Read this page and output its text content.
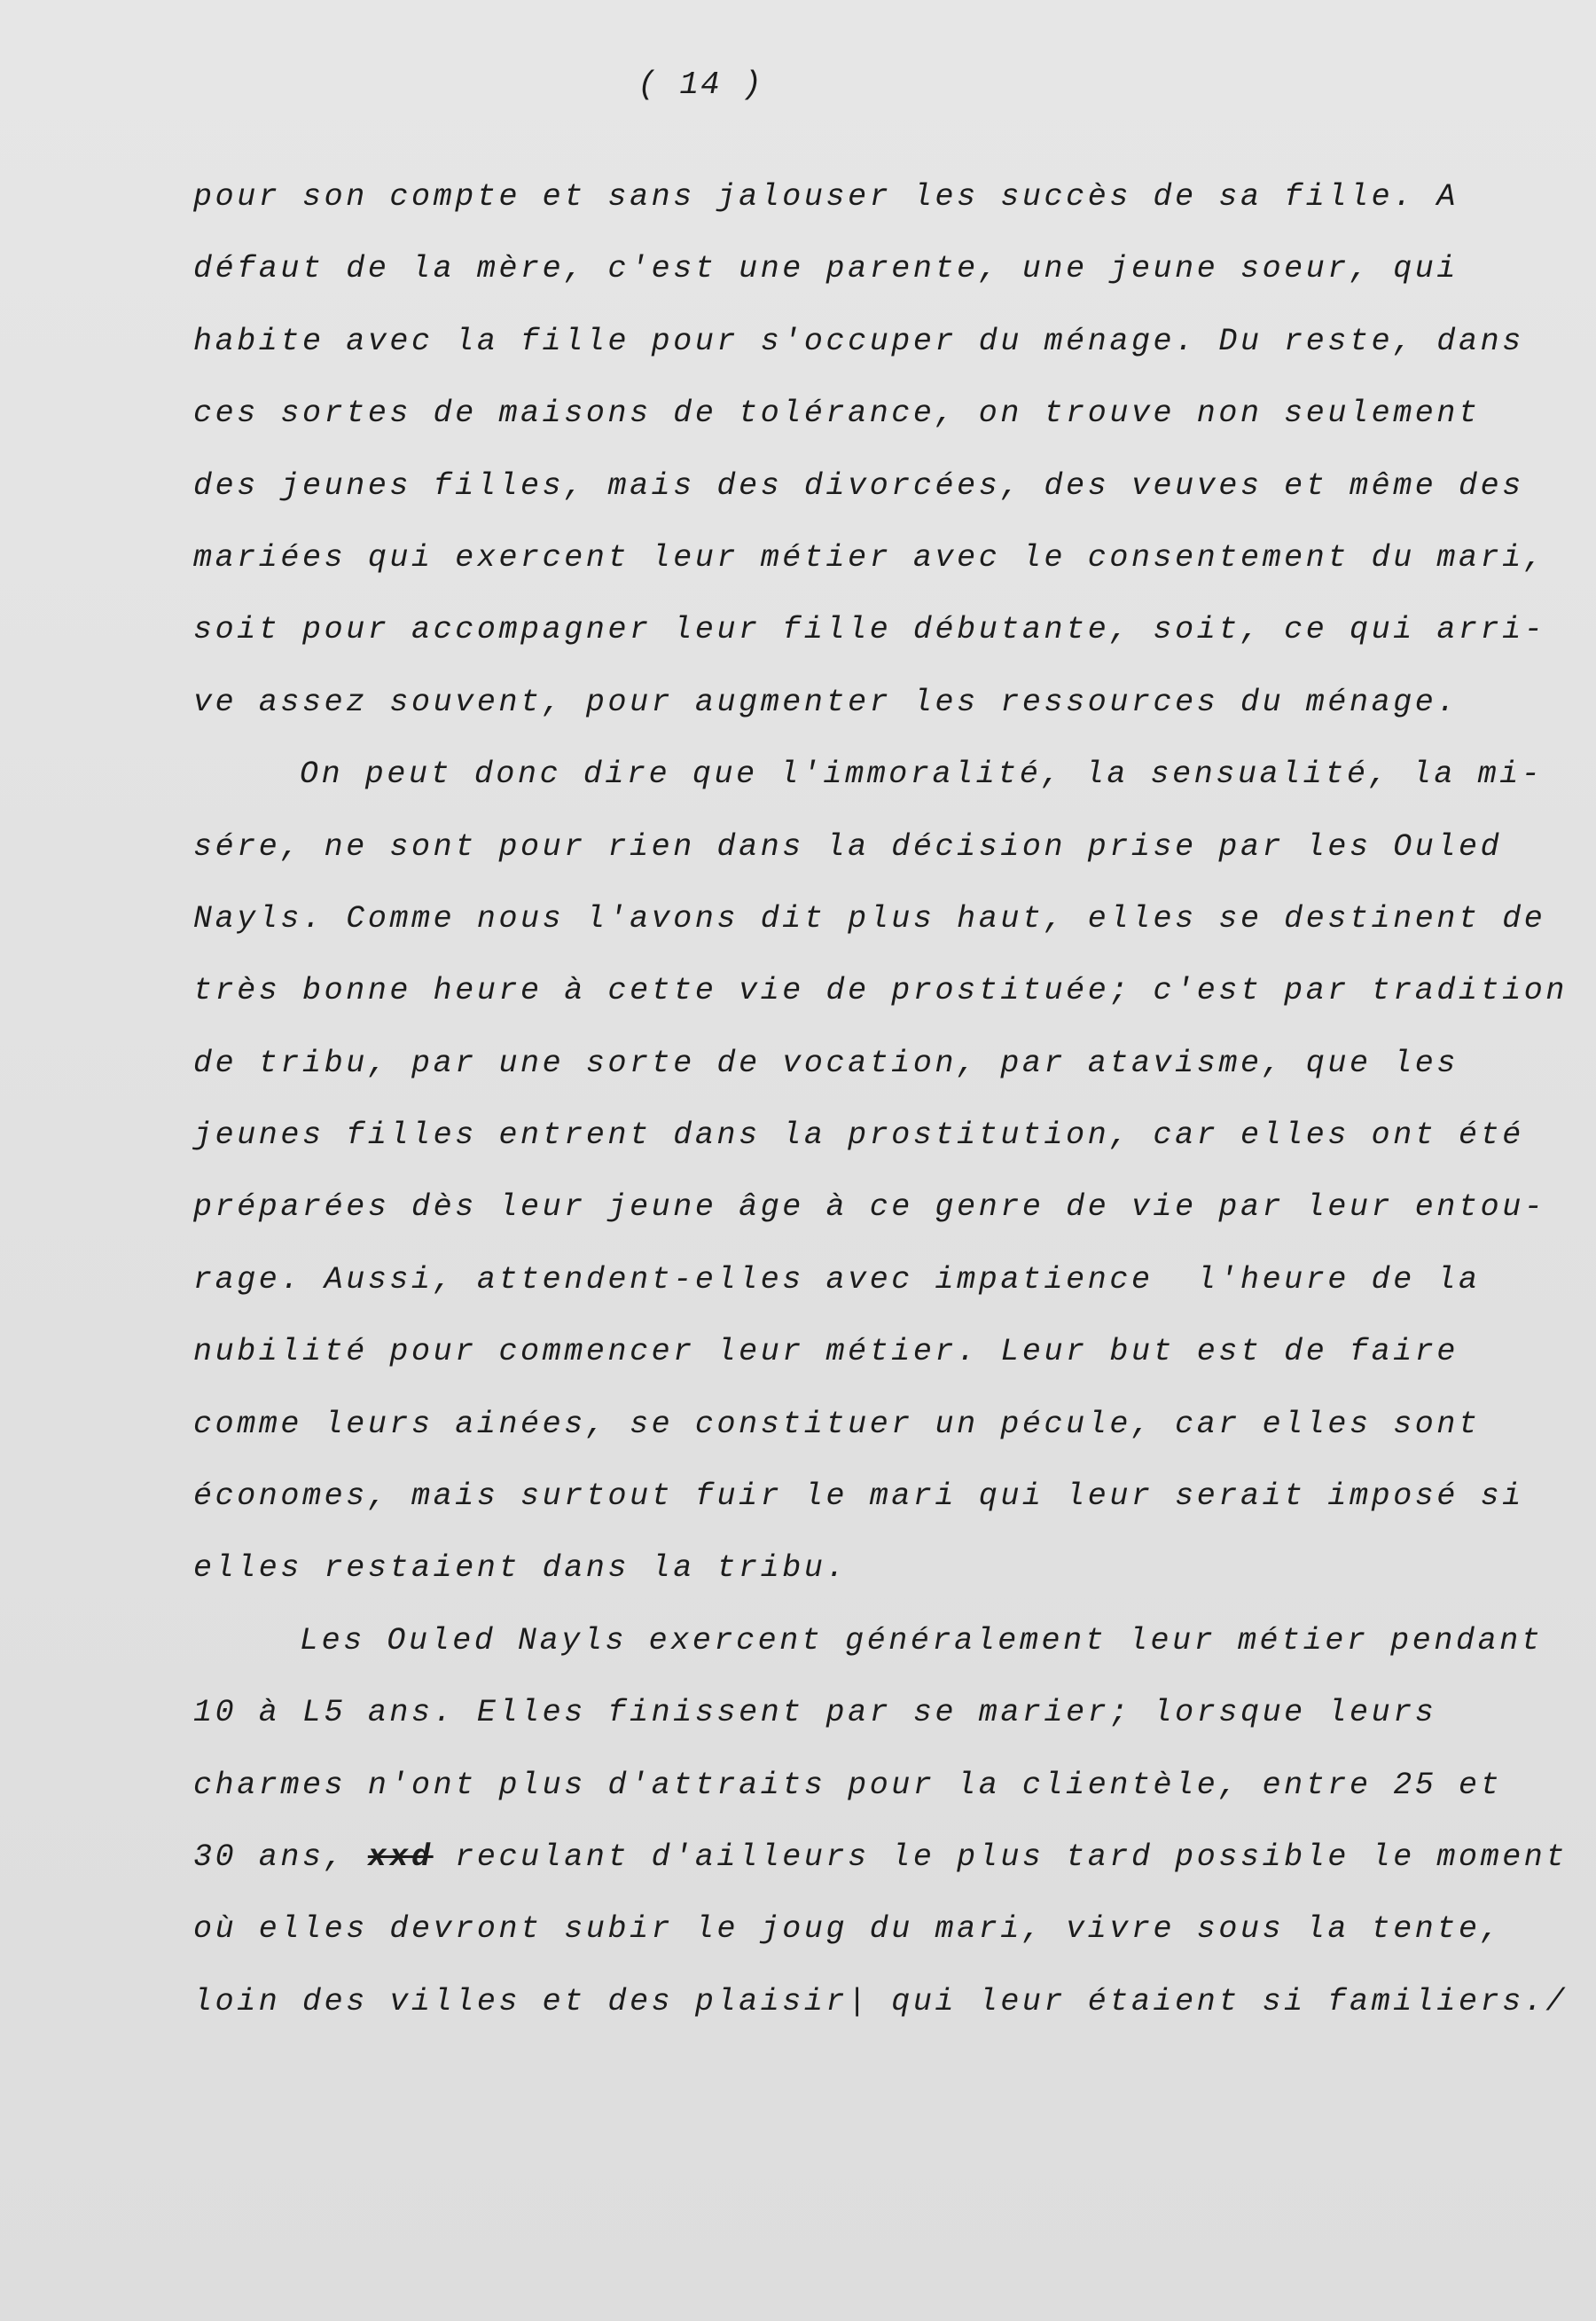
( 14 )
pour son compte et sans jalouser les succès de sa fille. A
défaut de la mère, c'est une parente, une jeune soeur, qui
habite avec la fille pour s'occuper du ménage. Du reste, dans
ces sortes de maisons de tolérance, on trouve non seulement
des jeunes filles, mais des divorcées, des veuves et même des
mariées qui exercent leur métier avec le consentement du mari,
soit pour accompagner leur fille débutante, soit, ce qui arri-
ve assez souvent, pour augmenter les ressources du ménage.
On peut donc dire que l'immoralité, la sensualité, la mi-
sére, ne sont pour rien dans la décision prise par les Ouled
Nayls. Comme nous l'avons dit plus haut, elles se destinent de
très bonne heure à cette vie de prostituée; c'est par tradition
de tribu, par une sorte de vocation, par atavisme, que les
jeunes filles entrent dans la prostitution, car elles ont été
préparées dès leur jeune âge à ce genre de vie par leur entou-
rage. Aussi, attendent-elles avec impatience  l'heure de la
nubilité pour commencer leur métier. Leur but est de faire
comme leurs ainées, se constituer un pécule, car elles sont
économes, mais surtout fuir le mari qui leur serait imposé si
elles restaient dans la tribu.
Les Ouled Nayls exercent généralement leur métier pendant
10 à L5 ans. Elles finissent par se marier; lorsque leurs
charmes n'ont plus d'attraits pour la clientèle, entre 25 et
30 ans, xxd reculant d'ailleurs le plus tard possible le moment
où elles devront subir le joug du mari, vivre sous la tente,
loin des villes et des plaisir| qui leur étaient si familiers./
